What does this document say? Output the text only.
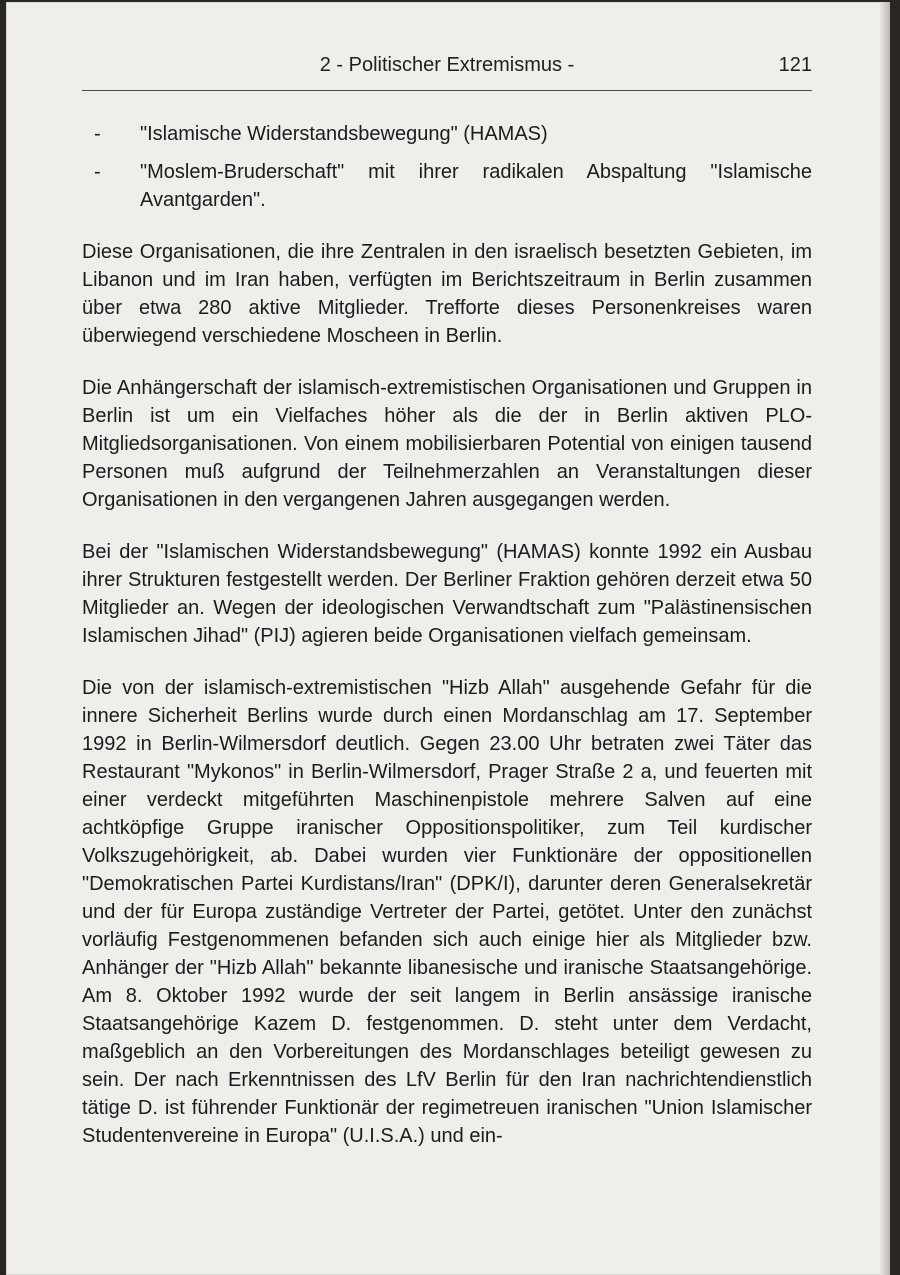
2 - Politischer Extremismus -	121
-	"Islamische Widerstandsbewegung" (HAMAS)
-	"Moslem-Bruderschaft" mit ihrer radikalen Abspaltung "Islamische Avantgarden".

Diese Organisationen, die ihre Zentralen in den israelisch besetzten Gebieten, im Libanon und im Iran haben, verfügten im Berichtszeitraum in Berlin zusammen über etwa 280 aktive Mitglieder. Trefforte dieses Personenkreises waren überwiegend verschiedene Moscheen in Berlin.

Die Anhängerschaft der islamisch-extremistischen Organisationen und Gruppen in Berlin ist um ein Vielfaches höher als die der in Berlin aktiven PLO-Mitgliedsorganisationen. Von einem mobilisierbaren Potential von einigen tausend Personen muß aufgrund der Teilnehmerzahlen an Veranstaltungen dieser Organisationen in den vergangenen Jahren ausgegangen werden.

Bei der "Islamischen Widerstandsbewegung" (HAMAS) konnte 1992 ein Ausbau ihrer Strukturen festgestellt werden. Der Berliner Fraktion gehören derzeit etwa 50 Mitglieder an. Wegen der ideologischen Verwandtschaft zum "Palästinensischen Islamischen Jihad" (PIJ) agieren beide Organisationen vielfach gemeinsam.

Die von der islamisch-extremistischen "Hizb Allah" ausgehende Gefahr für die innere Sicherheit Berlins wurde durch einen Mordanschlag am 17. September 1992 in Berlin-Wilmersdorf deutlich. Gegen 23.00 Uhr betraten zwei Täter das Restaurant "Mykonos" in Berlin-Wilmersdorf, Prager Straße 2 a, und feuerten mit einer verdeckt mitgeführten Maschinenpistole mehrere Salven auf eine achtköpfige Gruppe iranischer Oppositionspolitiker, zum Teil kurdischer Volkszugehörigkeit, ab. Dabei wurden vier Funktionäre der oppositionellen "Demokratischen Partei Kurdistans/Iran" (DPK/I), darunter deren Generalsekretär und der für Europa zuständige Vertreter der Partei, getötet. Unter den zunächst vorläufig Festgenommenen befanden sich auch einige hier als Mitglieder bzw. Anhänger der "Hizb Allah" bekannte libanesische und iranische Staatsangehörige. Am 8. Oktober 1992 wurde der seit langem in Berlin ansässige iranische Staatsangehörige Kazem D. festgenommen. D. steht unter dem Verdacht, maßgeblich an den Vorbereitungen des Mordanschlages beteiligt gewesen zu sein. Der nach Erkenntnissen des LfV Berlin für den Iran nachrichtendienstlich tätige D. ist führender Funktionär der regimetreuen iranischen "Union Islamischer Studentenvereine in Europa" (U.I.S.A.) und ein-
